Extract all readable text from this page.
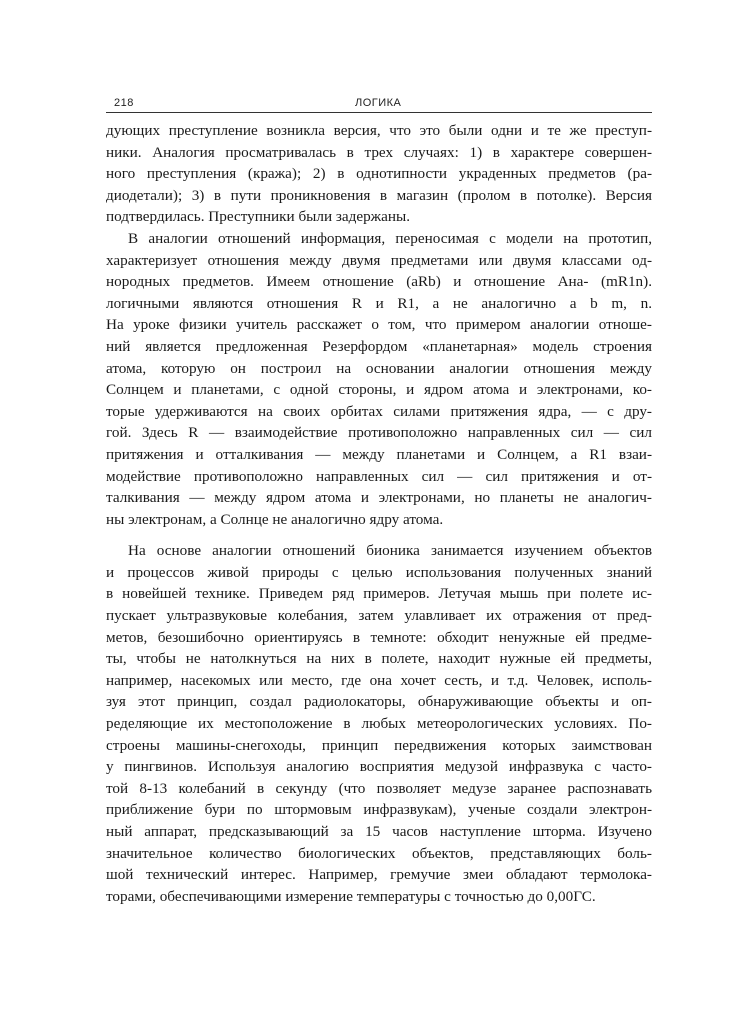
218	ЛОГИКА

дующих преступление возникла версия, что это были одни и те же преступ-
ники. Аналогия просматривалась в трех случаях: 1) в характере совершен-
ного преступления (кража); 2) в однотипности украденных предметов (ра-
диодетали); 3) в пути проникновения в магазин (пролом в потолке). Версия
подтвердилась. Преступники были задержаны.

В аналогии отношений информация, переносимая с модели на прототип,
характеризует отношения между двумя предметами или двумя классами од-
нородных предметов. Имеем отношение (aRb) и отношение Ана- (mR1n).
логичными являются отношения R и R1, а не аналогично а b m, n.
На уроке физики учитель расскажет о том, что примером аналогии отноше-
ний является предложенная Резерфордом «планетарная» модель строения
атома, которую он построил на основании аналогии отношения между
Солнцем и планетами, с одной стороны, и ядром атома и электронами, ко-
торые удерживаются на своих орбитах силами притяжения ядра, — с дру-
гой. Здесь R — взаимодействие противоположно направленных сил — сил
притяжения и отталкивания — между планетами и Солнцем, а R1 взаи-
модействие противоположно направленных сил — сил притяжения и от-
талкивания — между ядром атома и электронами, но планеты не аналогич-
ны электронам, а Солнце не аналогично ядру атома.

На основе аналогии отношений бионика занимается изучением объектов
и процессов живой природы с целью использования полученных знаний
в новейшей технике. Приведем ряд примеров. Летучая мышь при полете ис-
пускает ультразвуковые колебания, затем улавливает их отражения от пред-
метов, безошибочно ориентируясь в темноте: обходит ненужные ей предме-
ты, чтобы не натолкнуться на них в полете, находит нужные ей предметы,
например, насекомых или место, где она хочет сесть, и т.д. Человек, исполь-
зуя этот принцип, создал радиолокаторы, обнаруживающие объекты и оп-
ределяющие их местоположение в любых метеорологических условиях. По-
строены машины-снегоходы, принцип передвижения которых заимствован
у пингвинов. Используя аналогию восприятия медузой инфразвука с часто-
той 8-13 колебаний в секунду (что позволяет медузе заранее распознавать
приближение бури по штормовым инфразвукам), ученые создали электрон-
ный аппарат, предсказывающий за 15 часов наступление шторма. Изучено
значительное количество биологических объектов, представляющих боль-
шой технический интерес. Например, гремучие змеи обладают термолока-
торами, обеспечивающими измерение температуры с точностью до 0,00ГС.
